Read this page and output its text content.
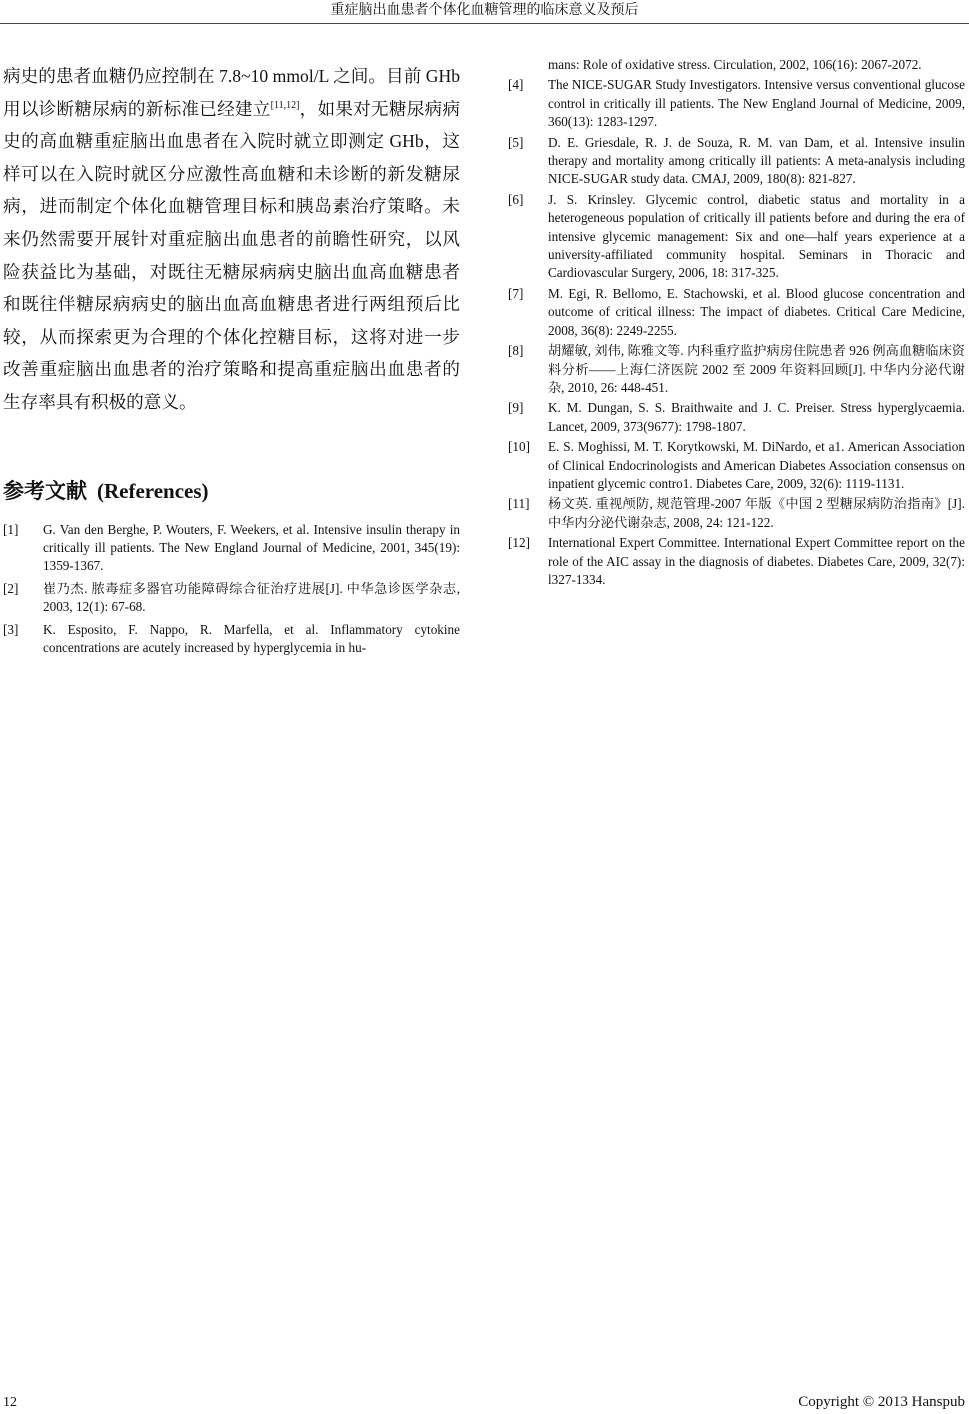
重症脑出血患者个体化血糖管理的临床意义及预后

病史的患者血糖仍应控制在 7.8~10 mmol/L 之间。目前 GHb 用以诊断糖尿病的新标准已经建立[11,12]，如果对无糖尿病病史的高血糖重症脑出血患者在入院时就立即测定 GHb，这样可以在入院时就区分应激性高血糖和未诊断的新发糖尿病，进而制定个体化血糖管理目标和胰岛素治疗策略。未来仍然需要开展针对重症脑出血患者的前瞻性研究，以风险获益比为基础，对既往无糖尿病病史脑出血高血糖患者和既往伴糖尿病病史的脑出血高血糖患者进行两组预后比较，从而探索更为合理的个体化控糖目标，这将对进一步改善重症脑出血患者的治疗策略和提高重症脑出血患者的生存率具有积极的意义。

参考文献 (References)
[1]	G. Van den Berghe, P. Wouters, F. Weekers, et al. Intensive insulin therapy in critically ill patients. The New England Journal of Medicine, 2001, 345(19): 1359-1367.
[2]	崔乃杰. 脓毒症多器官功能障碍综合征治疗进展[J]. 中华急诊医学杂志, 2003, 12(1): 67-68.
[3]	K. Esposito, F. Nappo, R. Marfella, et al. Inflammatory cytokine concentrations are acutely increased by hyperglycemia in hu-
mans: Role of oxidative stress. Circulation, 2002, 106(16): 2067-2072.
[4]	The NICE-SUGAR Study Investigators. Intensive versus conventional glucose control in critically ill patients. The New England Journal of Medicine, 2009, 360(13): 1283-1297.
[5]	D. E. Griesdale, R. J. de Souza, R. M. van Dam, et al. Intensive insulin therapy and mortality among critically ill patients: A meta-analysis including NICE-SUGAR study data. CMAJ, 2009, 180(8): 821-827.
[6]	J. S. Krinsley. Glycemic control, diabetic status and mortality in a heterogeneous population of critically ill patients before and during the era of intensive glycemic management: Six and one—half years experience at a university-affiliated community hospital. Seminars in Thoracic and Cardiovascular Surgery, 2006, 18: 317-325.
[7]	M. Egi, R. Bellomo, E. Stachowski, et al. Blood glucose concentration and outcome of critical illness: The impact of diabetes. Critical Care Medicine, 2008, 36(8): 2249-2255.
[8]	胡耀敏, 刘伟, 陈雅文等. 内科重疗监护病房住院患者 926 例高血糖临床资料分析——上海仁济医院 2002 至 2009 年资料回顾[J]. 中华内分泌代谢杂, 2010, 26: 448-451.
[9]	K. M. Dungan, S. S. Braithwaite and J. C. Preiser. Stress hyperglycaemia. Lancet, 2009, 373(9677): 1798-1807.
[10]	E. S. Moghissi, M. T. Korytkowski, M. DiNardo, et a1. American Association of Clinical Endocrinologists and American Diabetes Association consensus on inpatient glycemic contro1. Diabetes Care, 2009, 32(6): 1119-1131.
[11]	杨文英. 重视颅防, 规范管理-2007 年版《中国 2 型糖尿病防治指南》[J]. 中华内分泌代谢杂志, 2008, 24: 121-122.
[12]	International Expert Committee. International Expert Committee report on the role of the AIC assay in the diagnosis of diabetes. Diabetes Care, 2009, 32(7): l327-1334.
12	Copyright © 2013 Hanspub
